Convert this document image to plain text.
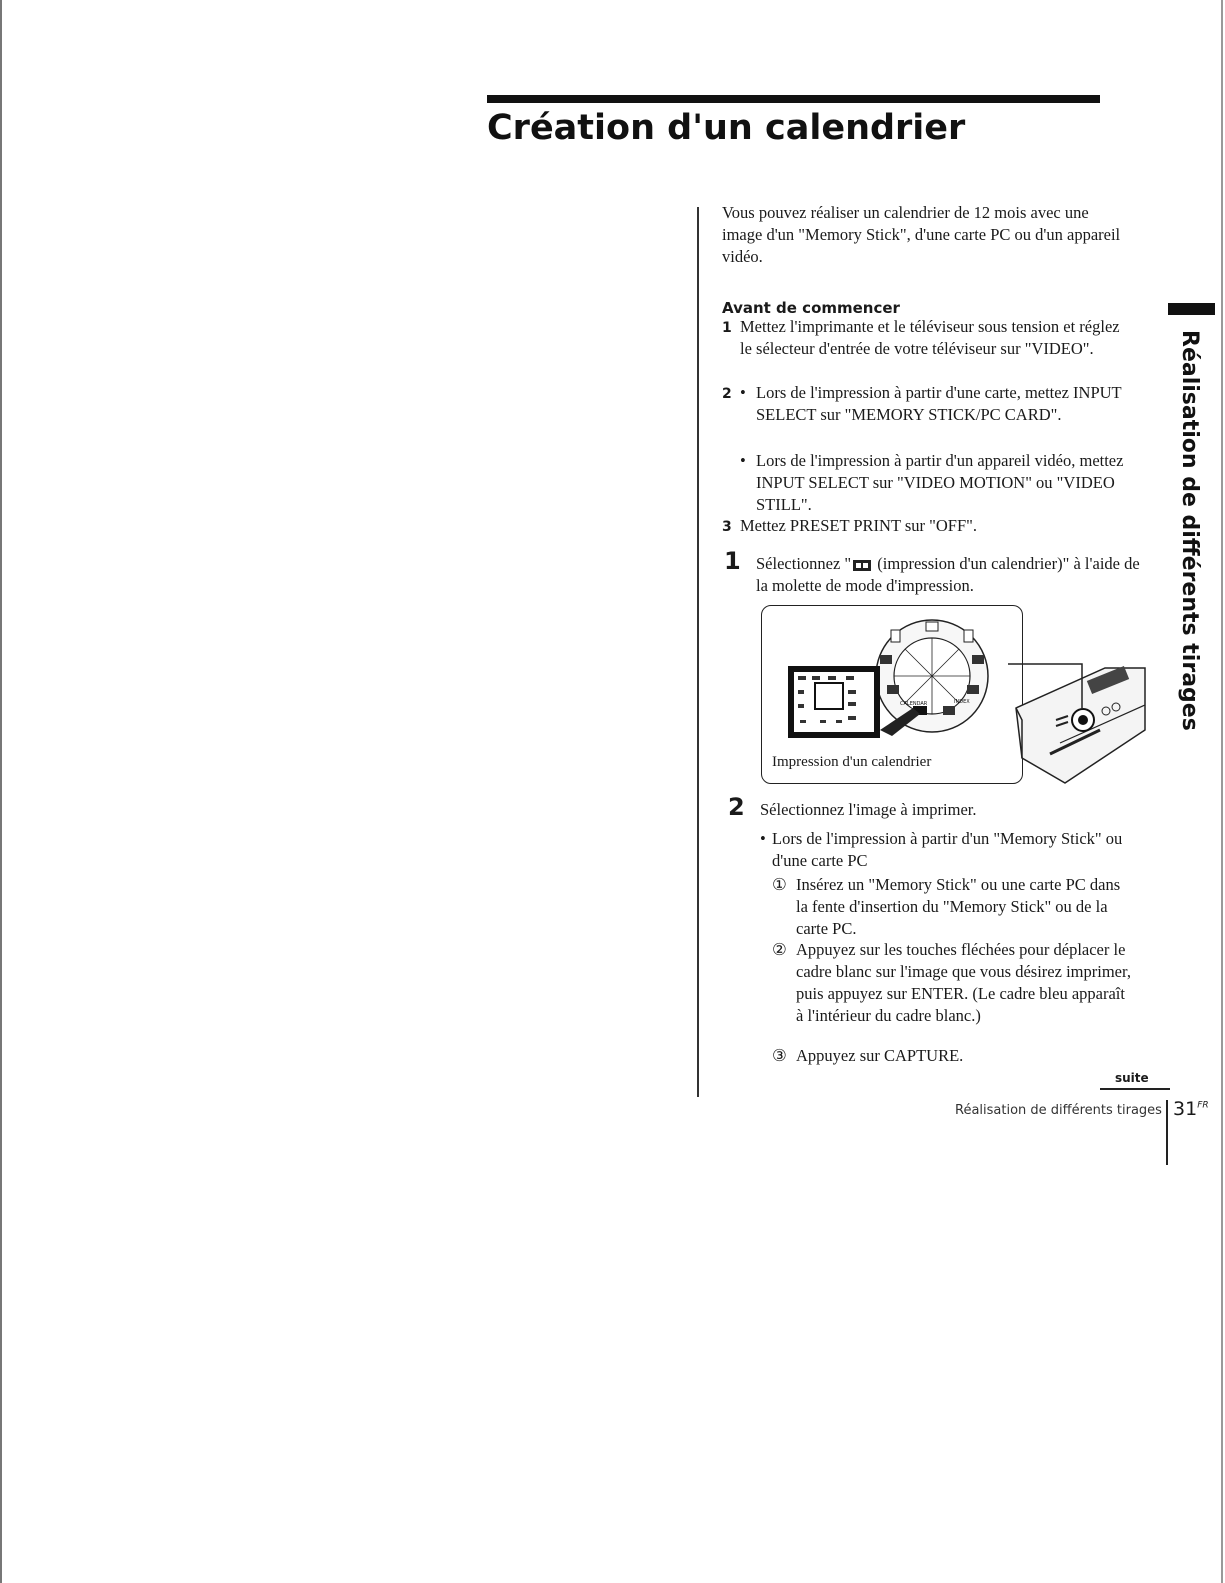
Création d'un calendrier
Vous pouvez réaliser un calendrier de 12 mois avec une image d'un "Memory Stick", d'une carte PC ou d'un appareil vidéo.
Avant de commencer
1 Mettez l'imprimante et le téléviseur sous tension et réglez le sélecteur d'entrée de votre téléviseur sur "VIDEO".
2 • Lors de l'impression à partir d'une carte, mettez INPUT SELECT sur "MEMORY STICK/PC CARD".
• Lors de l'impression à partir d'un appareil vidéo, mettez INPUT SELECT sur "VIDEO MOTION" ou "VIDEO STILL".
3 Mettez PRESET PRINT sur "OFF".
1 Sélectionnez "
(impression d'un calendrier)" à l'aide de la molette de mode d'impression.
CALENDAR	INDEX
Impression d'un calendrier
2 Sélectionnez l'image à imprimer.
• Lors de l'impression à partir d'un "Memory Stick" ou d'une carte PC
① Insérez un "Memory Stick" ou une carte PC dans la fente d'insertion du "Memory Stick" ou de la carte PC.
② Appuyez sur les touches fléchées pour déplacer le cadre blanc sur l'image que vous désirez imprimer, puis appuyez sur ENTER. (Le cadre bleu apparaît à l'intérieur du cadre blanc.)
③ Appuyez sur CAPTURE.
Réalisation de différents tirages
suite
Réalisation de différents tirages $31^{FR}$
